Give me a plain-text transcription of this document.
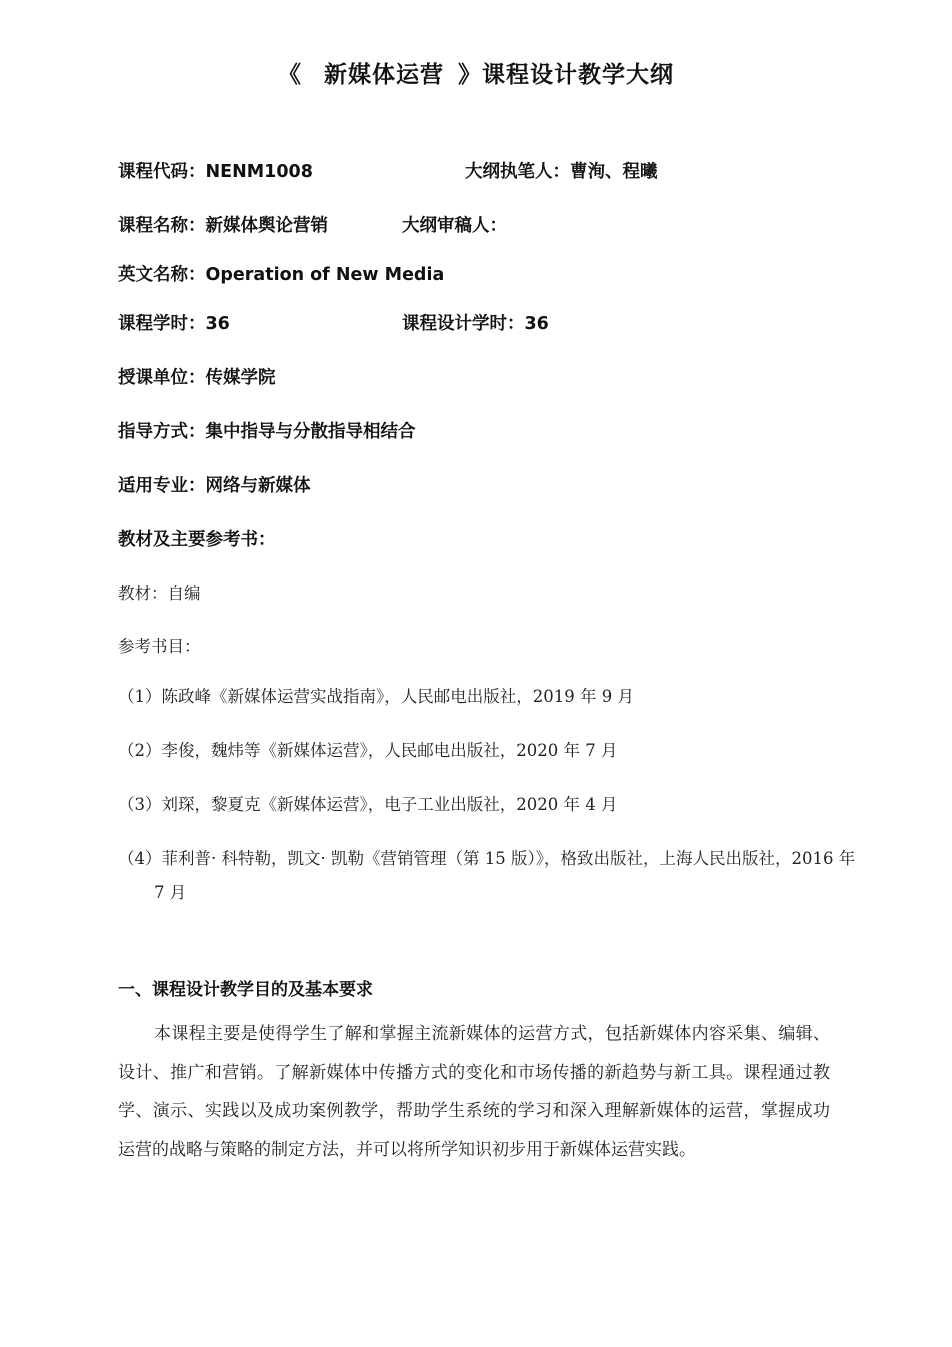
《 新媒体运营 》课程设计教学大纲
课程代码：NENM1008	大纲执笔人：曹洵、程曦
课程名称：新媒体舆论营销	大纲审稿人：
英文名称：Operation of New Media
课程学时：36	课程设计学时：36
授课单位：传媒学院
指导方式：集中指导与分散指导相结合
适用专业：网络与新媒体
教材及主要参考书：
教材：自编
参考书目：
（1）陈政峰《新媒体运营实战指南》，人民邮电出版社，2019 年 9 月
（2）李俊，魏炜等《新媒体运营》，人民邮电出版社，2020 年 7 月
（3）刘琛，黎夏克《新媒体运营》，电子工业出版社，2020 年 4 月
（4）菲利普· 科特勒，凯文· 凯勒《营销管理（第 15 版）》，格致出版社，上海人民出版社，2016 年 7 月
一、课程设计教学目的及基本要求
本课程主要是使得学生了解和掌握主流新媒体的运营方式，包括新媒体内容采集、编辑、设计、推广和营销。了解新媒体中传播方式的变化和市场传播的新趋势与新工具。课程通过教学、演示、实践以及成功案例教学，帮助学生系统的学习和深入理解新媒体的运营，掌握成功运营的战略与策略的制定方法，并可以将所学知识初步用于新媒体运营实践。
